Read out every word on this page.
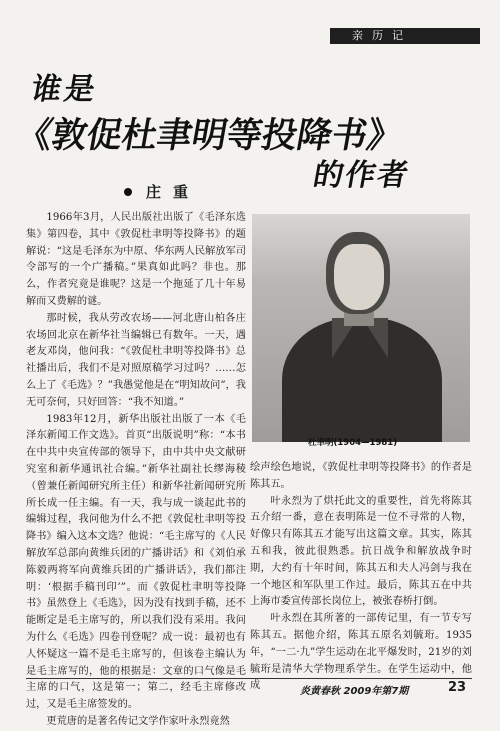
亲历记
谁是
《敦促杜聿明等投降书》
的作者
庄重

1966年3月，人民出版社出版了《毛泽东选集》第四卷，其中《敦促杜聿明等投降书》的题解说：“这是毛泽东为中原、华东两人民解放军司令部写的一个广播稿。”果真如此吗？非也。那么，作者究竟是谁呢？这是一个拖延了几十年易解而又费解的谜。

那时候，我从劳改农场——河北唐山柏各庄农场回北京在新华社当编辑已有数年。一天，遇老友邓岗，他问我：“《敦促杜聿明等投降书》总社播出后，我们不是对照原稿学习过吗？……怎么上了《毛选》？”我愚觉他是在“明知故问”，我无可奈何，只好回答：“我不知道。”

1983年12月，新华出版社出版了一本《毛泽东新闻工作文选》。首页“出版说明”称：“本书在中共中央宣传部的领导下，由中共中央文献研究室和新华通讯社合编。”新华社副社长缪海稜（曾兼任新闻研究所主任）和新华社新闻研究所所长成一任主编。有一天，我与成一谈起此书的编辑过程，我问他为什么不把《敦促杜聿明等投降书》编入这本文选？他说：“毛主席写的《人民解放军总部向黄维兵团的广播讲话》和《刘伯承陈毅两将军向黄维兵团的广播讲话》，我们都注明：‘根据手稿刊印’”。而《敦促杜聿明等投降书》虽然登上《毛选》，因为没有找到手稿，还不能断定是毛主席写的，所以我们没有采用。我问为什么《毛选》四卷刊登呢？成一说：最初也有人怀疑这一篇不是毛主席写的，但该卷主编认为是毛主席写的，他的根据是：文章的口气像是毛主席的口气，这是第一；第二，经毛主席修改过，又是毛主席签发的。

更荒唐的是著名传记文学作家叶永烈竟然

杜聿明(1904—1981)

绘声绘色地说，《敦促杜聿明等投降书》的作者是陈其五。

叶永烈为了烘托此文的重要性，首先将陈其五介绍一番，意在表明陈是一位不寻常的人物，好像只有陈其五才能写出这篇文章。其实，陈其五和我，彼此很熟悉。抗日战争和解放战争时期，大约有十年时间，陈其五和夫人冯剑与我在一个地区和军队里工作过。最后，陈其五在中共上海市委宣传部长岗位上，被张春桥打倒。

叶永烈在其所著的一部传记里，有一节专写陈其五。据他介绍，陈其五原名刘毓珩。1935年，“一二·九”学生运动在北平爆发时，21岁的刘毓珩是清华大学物理系学生。在学生运动中，他成

炎黄春秋 2009年第7期	23
